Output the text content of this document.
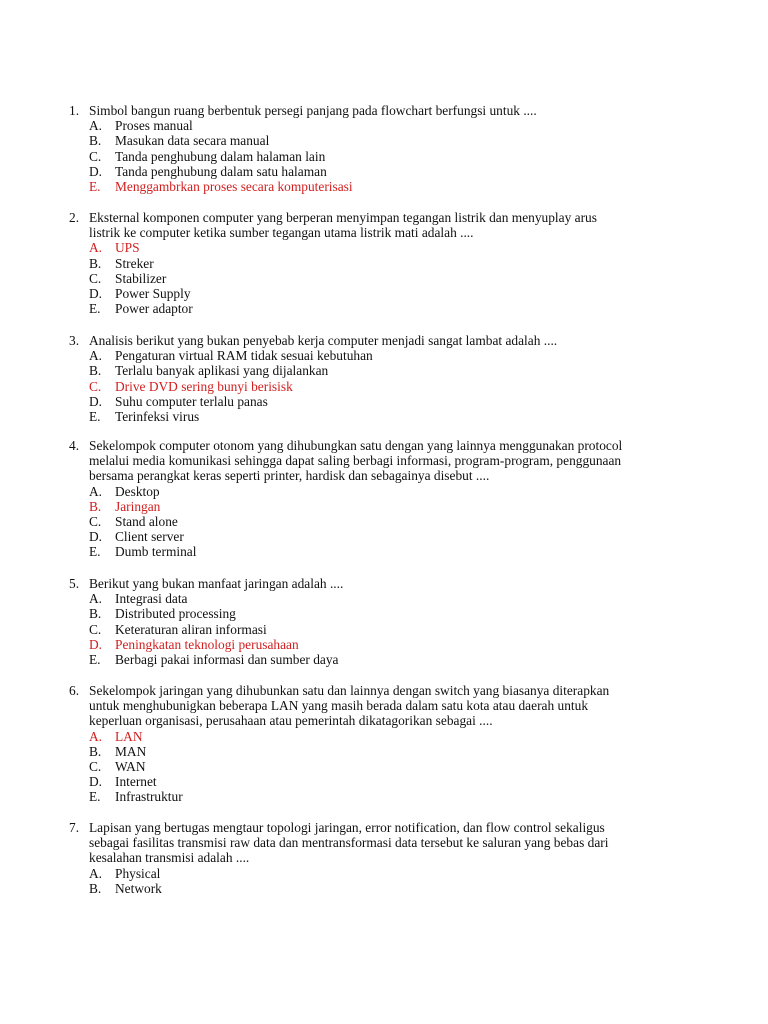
1. Simbol bangun ruang berbentuk persegi panjang pada flowchart berfungsi untuk ....
A. Proses manual
B. Masukan data secara manual
C. Tanda penghubung dalam halaman lain
D. Tanda penghubung dalam satu halaman
E. Menggambrkan proses secara komputerisasi
2. Eksternal komponen computer yang berperan menyimpan tegangan listrik dan menyuplay arus
listrik ke computer ketika sumber tegangan utama listrik mati adalah ....
A. UPS
B. Streker
C. Stabilizer
D. Power Supply
E. Power adaptor
3. Analisis berikut yang bukan penyebab kerja computer menjadi sangat lambat adalah ....
A. Pengaturan virtual RAM tidak sesuai kebutuhan
B. Terlalu banyak aplikasi yang dijalankan
C. Drive DVD sering bunyi berisisk
D. Suhu computer terlalu panas
E. Terinfeksi virus
4. Sekelompok computer otonom yang dihubungkan satu dengan yang lainnya menggunakan protocol
melalui media komunikasi sehingga dapat saling berbagi informasi, program-program, penggunaan
bersama perangkat keras seperti printer, hardisk dan sebagainya disebut ....
A. Desktop
B. Jaringan
C. Stand alone
D. Client server
E. Dumb terminal
5. Berikut yang bukan manfaat jaringan adalah ....
A. Integrasi data
B. Distributed processing
C. Keteraturan aliran informasi
D. Peningkatan teknologi perusahaan
E. Berbagi pakai informasi dan sumber daya
6. Sekelompok jaringan yang dihubunkan satu dan lainnya dengan switch yang biasanya diterapkan
untuk menghubunigkan beberapa LAN yang masih berada dalam satu kota atau daerah untuk
keperluan organisasi, perusahaan atau pemerintah dikatagorikan sebagai ....
A. LAN
B. MAN
C. WAN
D. Internet
E. Infrastruktur
7. Lapisan yang bertugas mengtaur topologi jaringan, error notification, dan flow control sekaligus
sebagai fasilitas transmisi raw data dan mentransformasi data tersebut ke saluran yang bebas dari
kesalahan transmisi adalah ....
A. Physical
B. Network
